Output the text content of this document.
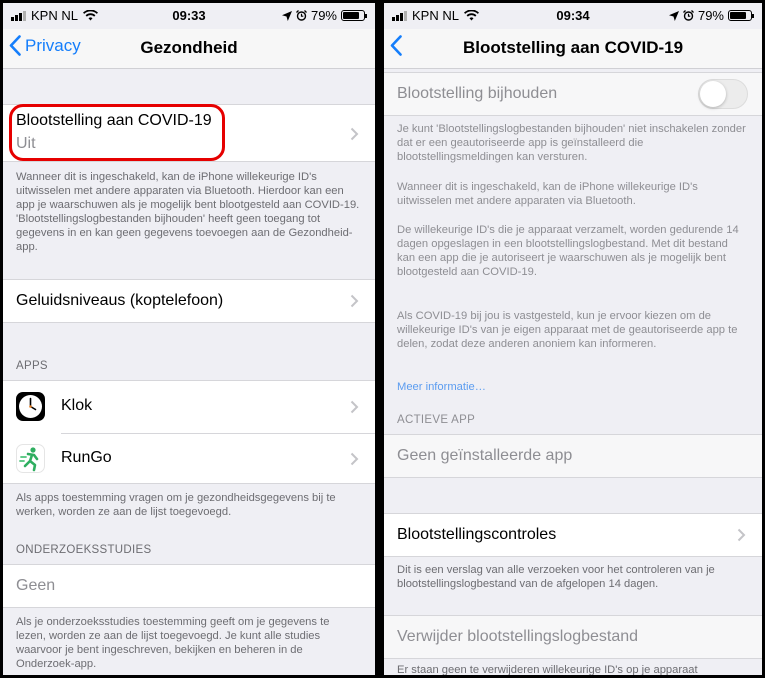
KPN NL	09:33	79%
Privacy	Gezondheid
Blootstelling aan COVID-19
Uit
Wanneer dit is ingeschakeld, kan de iPhone willekeurige ID's uitwisselen met andere apparaten via Bluetooth. Hierdoor kan een app je waarschuwen als je mogelijk bent blootgesteld aan COVID-19. 'Blootstellingslogbestanden bijhouden' heeft geen toegang tot gegevens in en kan geen gegevens toevoegen aan de Gezondheid-app.
Geluidsniveaus (koptelefoon)
APPS
Klok
RunGo
Als apps toestemming vragen om je gezondheidsgegevens bij te werken, worden ze aan de lijst toegevoegd.
ONDERZOEKSSTUDIES
Geen
Als je onderzoeksstudies toestemming geeft om je gegevens te lezen, worden ze aan de lijst toegevoegd. Je kunt alle studies waarvoor je bent ingeschreven, bekijken en beheren in de Onderzoek-app.
KPN NL	09:34	79%
Blootstelling aan COVID-19
Blootstelling bijhouden
Je kunt 'Blootstellingslogbestanden bijhouden' niet inschakelen zonder dat er een geautoriseerde app is geïnstalleerd die blootstellingsmeldingen kan versturen.
Wanneer dit is ingeschakeld, kan de iPhone willekeurige ID's uitwisselen met andere apparaten via Bluetooth.
De willekeurige ID's die je apparaat verzamelt, worden gedurende 14 dagen opgeslagen in een blootstellingslogbestand. Met dit bestand kan een app die je autoriseert je waarschuwen als je mogelijk bent blootgesteld aan COVID-19.
Als COVID-19 bij jou is vastgesteld, kun je ervoor kiezen om de willekeurige ID's van je eigen apparaat met de geautoriseerde app te delen, zodat deze anderen anoniem kan informeren.
Meer informatie…
ACTIEVE APP
Geen geïnstalleerde app
Blootstellingscontroles
Dit is een verslag van alle verzoeken voor het controleren van je blootstellingslogbestand van de afgelopen 14 dagen.
Verwijder blootstellingslogbestand
Er staan geen te verwijderen willekeurige ID's op je apparaat
